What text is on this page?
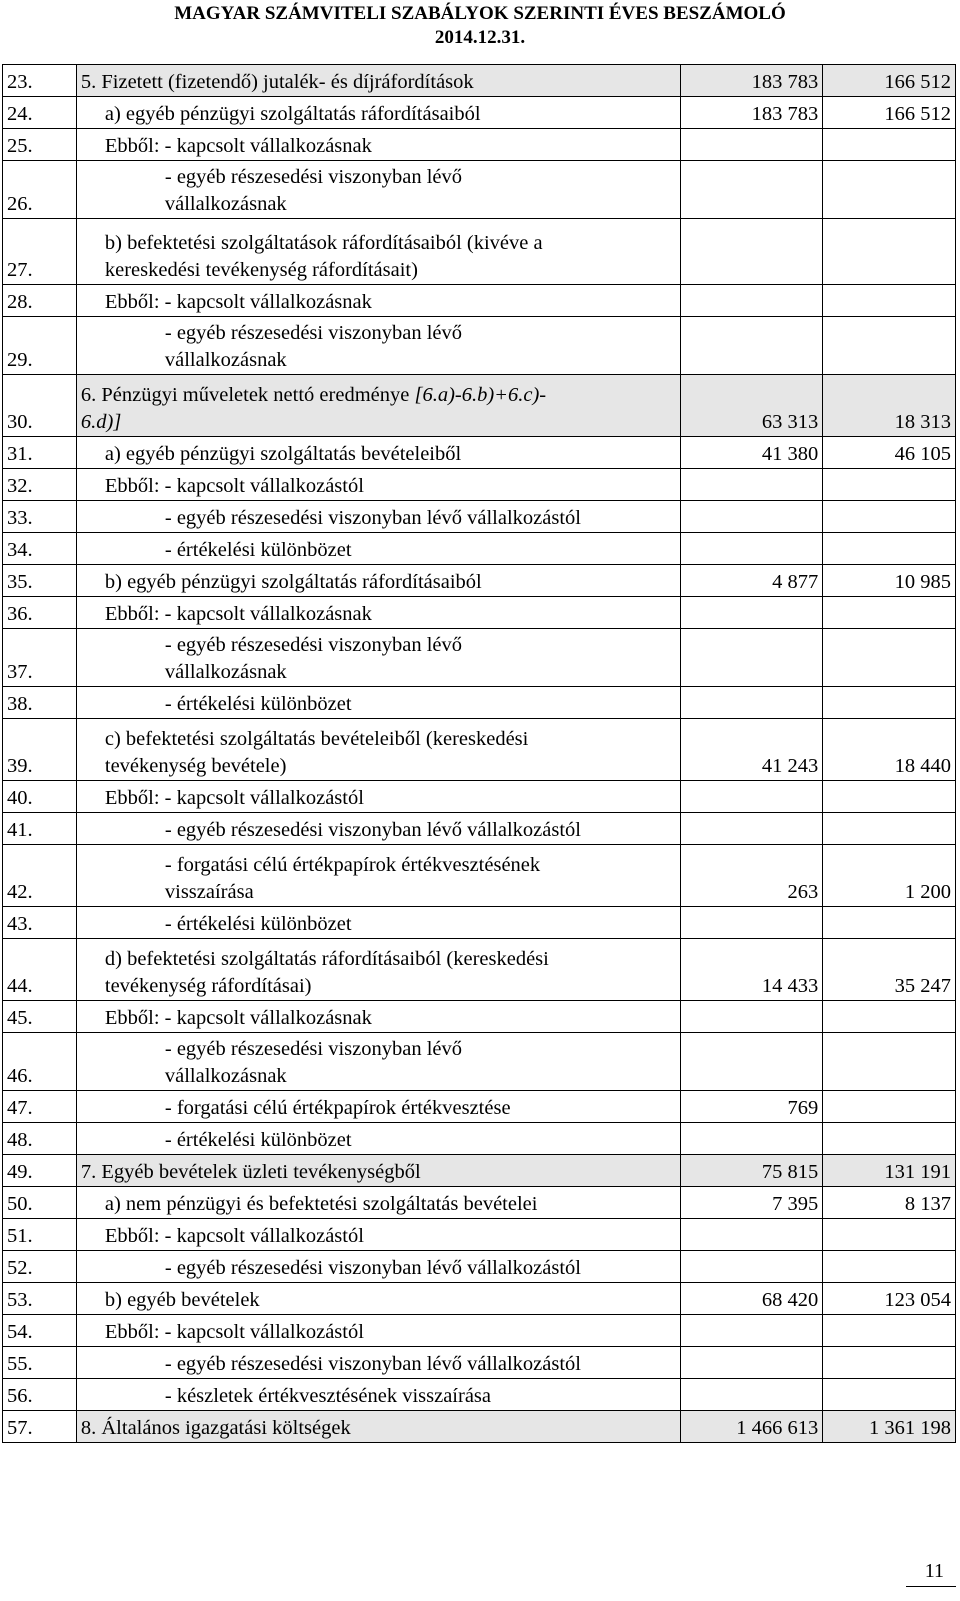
MAGYAR SZÁMVITELI SZABÁLYOK SZERINTI ÉVES BESZÁMOLÓ
2014.12.31.
23.	5. Fizetett (fizetendő) jutalék- és díjráfordítások	183 783	166 512
24.	a) egyéb pénzügyi szolgáltatás ráfordításaiból	183 783	166 512
25.	Ebből: - kapcsolt vállalkozásnak		
26.	- egyéb részesedési viszonyban lévő
vállalkozásnak		
27.	b) befektetési szolgáltatások ráfordításaiból (kivéve a
kereskedési tevékenység ráfordításait)		
28.	Ebből: - kapcsolt vállalkozásnak		
29.	- egyéb részesedési viszonyban lévő
vállalkozásnak		
30.	6. Pénzügyi műveletek nettó eredménye [6.a)-6.b)+6.c)-
6.d)]	63 313	18 313
31.	a) egyéb pénzügyi szolgáltatás bevételeiből	41 380	46 105
32.	Ebből: - kapcsolt vállalkozástól		
33.	- egyéb részesedési viszonyban lévő vállalkozástól		
34.	- értékelési különbözet		
35.	b) egyéb pénzügyi szolgáltatás ráfordításaiból	4 877	10 985
36.	Ebből: - kapcsolt vállalkozásnak		
37.	- egyéb részesedési viszonyban lévő
vállalkozásnak		
38.	- értékelési különbözet		
39.	c) befektetési szolgáltatás bevételeiből (kereskedési
tevékenység bevétele)	41 243	18 440
40.	Ebből: - kapcsolt vállalkozástól		
41.	- egyéb részesedési viszonyban lévő vállalkozástól		
42.	- forgatási célú értékpapírok értékvesztésének
visszaírása	263	1 200
43.	- értékelési különbözet		
44.	d) befektetési szolgáltatás ráfordításaiból (kereskedési
tevékenység ráfordításai)	14 433	35 247
45.	Ebből: - kapcsolt vállalkozásnak		
46.	- egyéb részesedési viszonyban lévő
vállalkozásnak		
47.	- forgatási célú értékpapírok értékvesztése	769	
48.	- értékelési különbözet		
49.	7. Egyéb bevételek üzleti tevékenységből	75 815	131 191
50.	a) nem pénzügyi és befektetési szolgáltatás bevételei	7 395	8 137
51.	Ebből: - kapcsolt vállalkozástól		
52.	- egyéb részesedési viszonyban lévő vállalkozástól		
53.	b) egyéb bevételek	68 420	123 054
54.	Ebből: - kapcsolt vállalkozástól		
55.	- egyéb részesedési viszonyban lévő vállalkozástól		
56.	- készletek értékvesztésének visszaírása		
57.	8. Általános igazgatási költségek	1 466 613	1 361 198
11
